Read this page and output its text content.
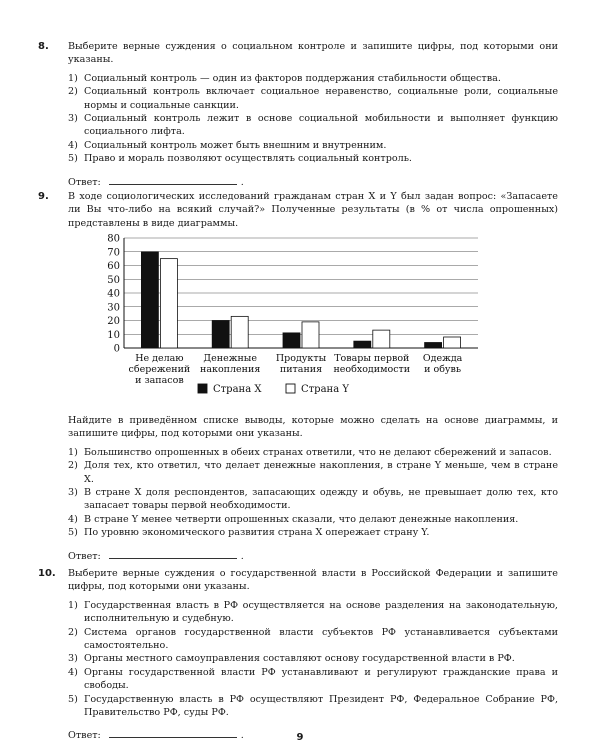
8. Выберите верные суждения о социальном контроле и запишите цифры, под которыми они указаны.

1) Социальный контроль — один из факторов поддержания стабильности общества.

2) Социальный контроль включает социальное неравенство, социальные роли, социальные нормы и социальные санкции.

3) Социальный контроль лежит в основе социальной мобильности и выполняет функцию социального лифта.

4) Социальный контроль может быть внешним и внутренним.

5) Право и мораль позволяют осуществлять социальный контроль.

Ответ:	.
9. В ходе социологических исследований гражданам стран X и Y был задан вопрос: «Запасаете ли Вы что-либо на всякий случай?» Полученные результаты (в % от числа опрошенных) представлены в виде диаграммы.

0
10
20
30
40
50
60
70
80
Не делаю
сбережений
и запасов
Денежные
накопления
Продукты
питания
Товары первой
необходимости
Одежда
и обувь
Страна X	Страна Y

Найдите в приведённом списке выводы, которые можно сделать на основе диаграммы, и запишите цифры, под которыми они указаны.

1) Большинство опрошенных в обеих странах ответили, что не делают сбережений и запасов.

2) Доля тех, кто ответил, что делает денежные накопления, в стране Y меньше, чем в стране X.

3) В стране X доля респондентов, запасающих одежду и обувь, не превышает долю тех, кто запасает товары первой необходимости.

4) В стране Y менее четверти опрошенных сказали, что делают денежные накопления.

5) По уровню экономического развития страна X опережает страну Y.

Ответ:	.
10. Выберите верные суждения о государственной власти в Российской Федерации и запишите цифры, под которыми они указаны.

1) Государственная власть в РФ осуществляется на основе разделения на законодательную, исполнительную и судебную.

2) Система органов государственной власти субъектов РФ устанавливается субъектами самостоятельно.

3) Органы местного самоуправления составляют основу государственной власти в РФ.

4) Органы государственной власти РФ устанавливают и регулируют гражданские права и свободы.

5) Государственную власть в РФ осуществляют Президент РФ, Федеральное Собрание РФ, Правительство РФ, суды РФ.

Ответ:	.	9
